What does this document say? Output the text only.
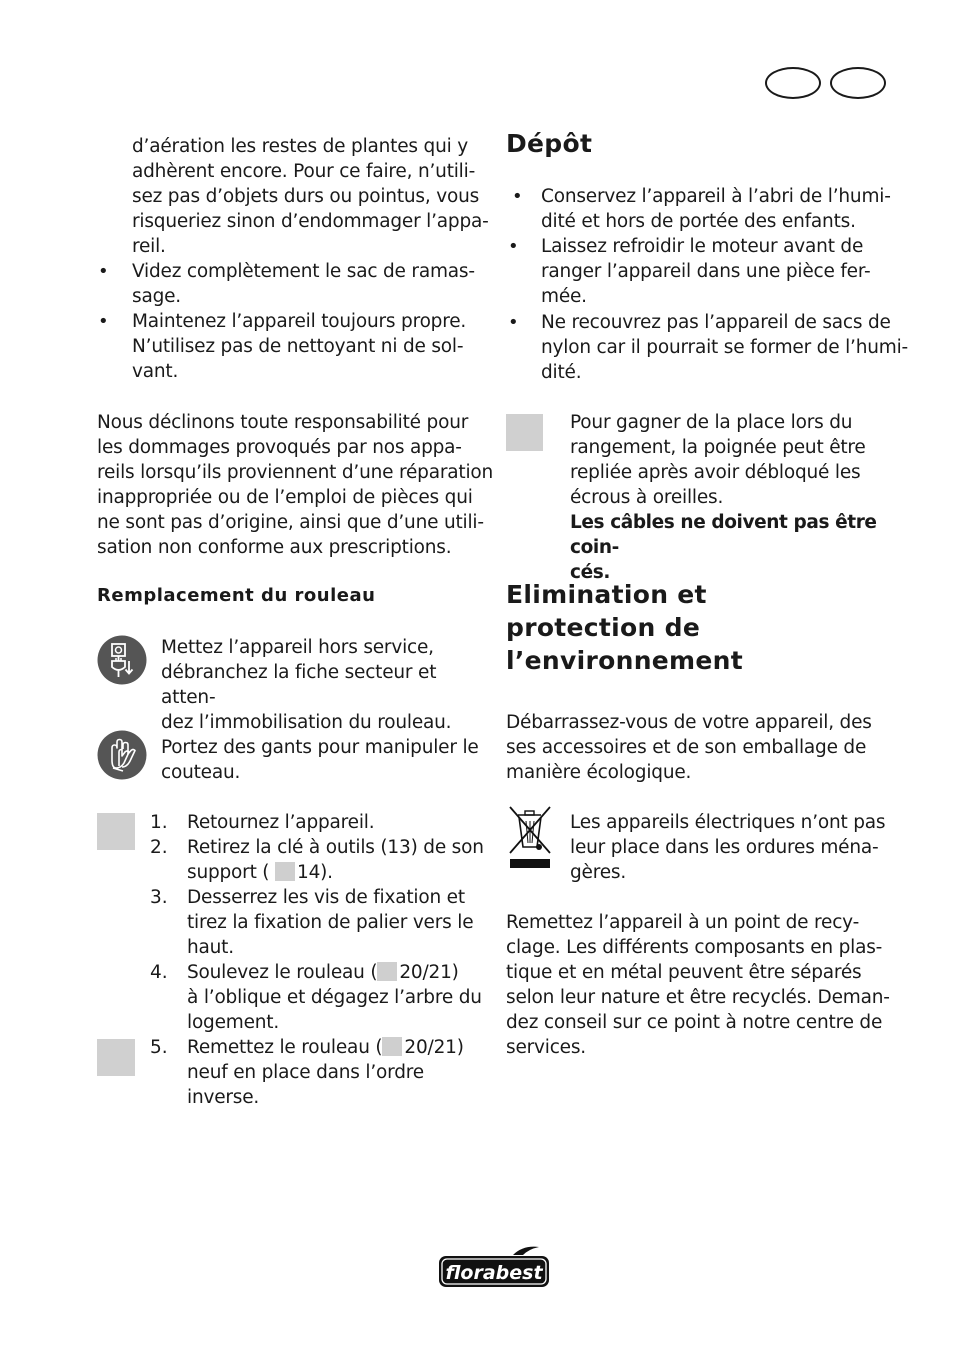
d’aération les restes de plantes qui y

adhèrent encore. Pour ce faire, n’utili-

sez pas d’objets durs ou pointus, vous

risqueriez sinon d’endommager l’appa-

reil.

• Videz complètement le sac de ramas-

sage.

• Maintenez l’appareil toujours propre.

N’utilisez pas de nettoyant ni de sol-

vant.

Nous déclinons toute responsabilité pour

les dommages provoqués par nos appa-

reils lorsqu’ils proviennent d’une réparation

inappropriée ou de l’emploi de pièces qui

ne sont pas d’origine, ainsi que d’une utili-

sation non conforme aux prescriptions.

Remplacement du rouleau

Mettez l’appareil hors service,

débranchez la fiche secteur et atten-

dez l’immobilisation du rouleau.

Portez des gants pour manipuler le

couteau.

1. Retournez l’appareil.

2. Retirez la clé à outils (13) de son

support ( 14).

3. Desserrez les vis de fixation et

tirez la fixation de palier vers le

haut.

4. Soulevez le rouleau ( 20/21)

à l’oblique et dégagez l’arbre du

logement.

5. Remettez le rouleau ( 20/21)

neuf en place dans l’ordre

inverse.

Dépôt
• Conservez l’appareil à l’abri de l’humi-

dité et hors de portée des enfants.

• Laissez refroidir le moteur avant de

ranger l’appareil dans une pièce fer-

mée.

• Ne recouvrez pas l’appareil de sacs de

nylon car il pourrait se former de l’humi-

dité.

Pour gagner de la place lors du

rangement, la poignée peut être

repliée après avoir débloqué les

écrous à oreilles.

Les câbles ne doivent pas être coin-

cés.

Elimination et

protection de

l’environnement

Débarrassez-vous de votre appareil, des

ses accessoires et de son emballage de

manière écologique.

Les appareils électriques n’ont pas

leur place dans les ordures ména-

gères.

Remettez l’appareil à un point de recy-

clage. Les différents composants en plas-

tique et en métal peuvent être séparés

selon leur nature et être recyclés. Deman-

dez conseil sur ce point à notre centre de

services.

florabest
